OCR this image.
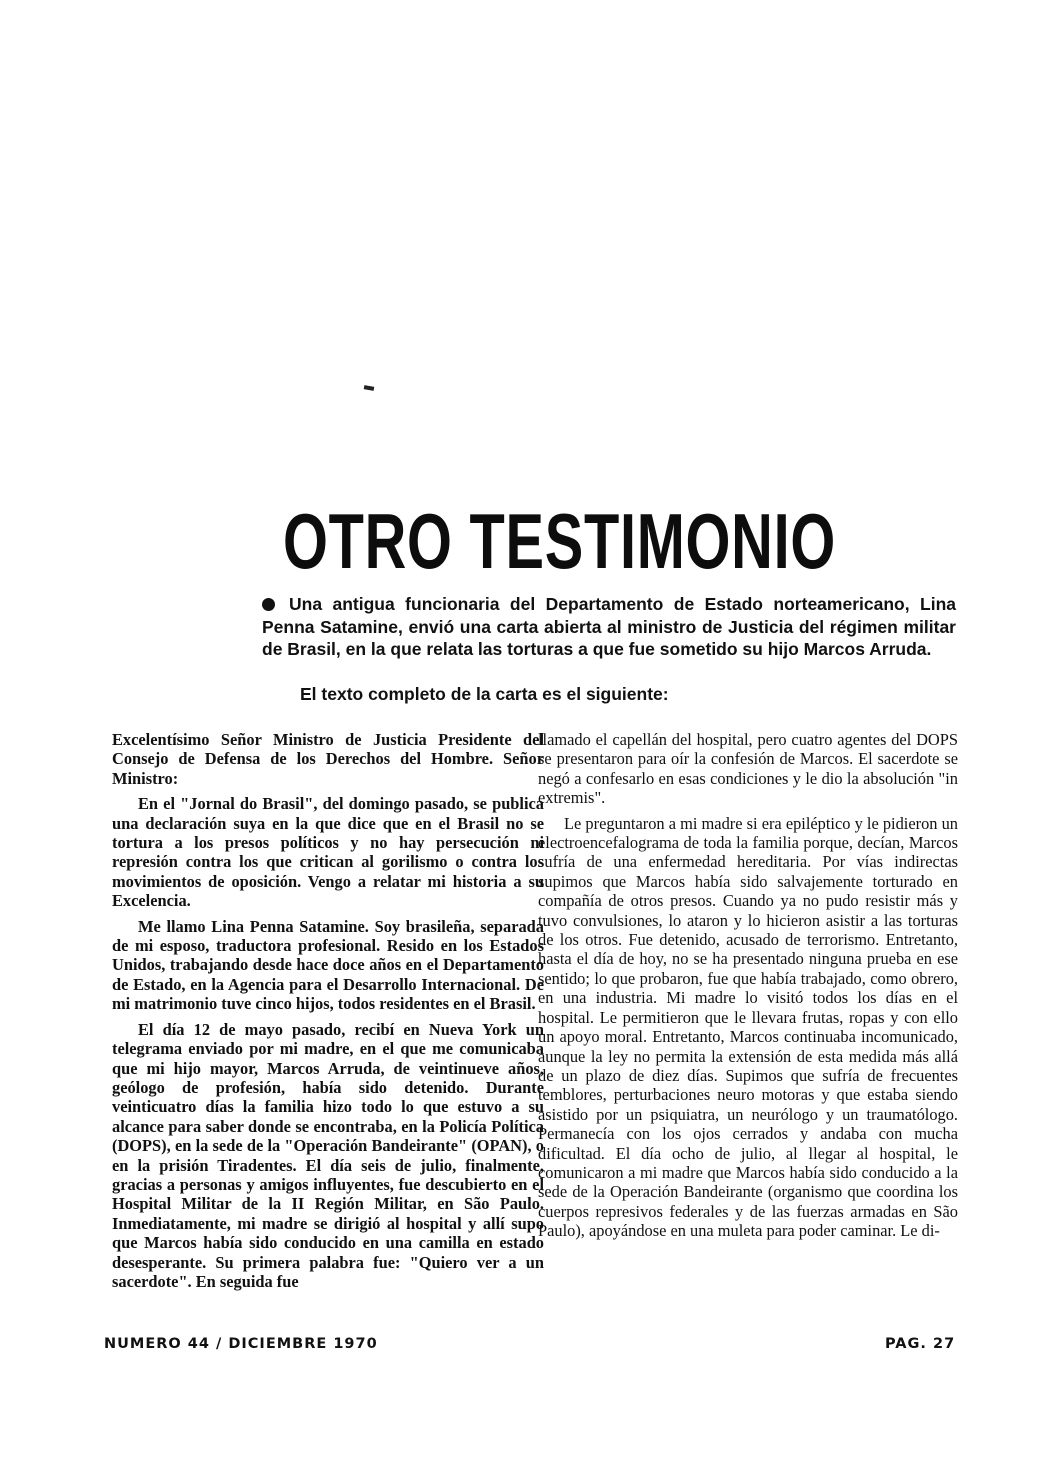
OTRO TESTIMONIO
Una antigua funcionaria del Departamento de Estado norteamericano, Lina Penna Satamine, envió una carta abierta al ministro de Justicia del régimen militar de Brasil, en la que relata las torturas a que fue sometido su hijo Marcos Arruda.
El texto completo de la carta es el siguiente:

Excelentísimo Señor Ministro de Justicia Presidente del Consejo de Defensa de los Derechos del Hombre. Señor Ministro:

En el "Jornal do Brasil", del domingo pasado, se publica una declaración suya en la que dice que en el Brasil no se tortura a los presos políticos y no hay persecución ni represión contra los que critican al gorilismo o contra los movimientos de oposición. Vengo a relatar mi historia a su Excelencia.

Me llamo Lina Penna Satamine. Soy brasileña, separada de mi esposo, traductora profesional. Resido en los Estados Unidos, trabajando desde hace doce años en el Departamento de Estado, en la Agencia para el Desarrollo Internacional. De mi matrimonio tuve cinco hijos, todos residentes en el Brasil.

El día 12 de mayo pasado, recibí en Nueva York un telegrama enviado por mi madre, en el que me comunicaba que mi hijo mayor, Marcos Arruda, de veintinueve años, geólogo de profesión, había sido detenido. Durante veinticuatro días la familia hizo todo lo que estuvo a su alcance para saber donde se encontraba, en la Policía Política (DOPS), en la sede de la "Operación Bandeirante" (OPAN), o en la prisión Tiradentes. El día seis de julio, finalmente, gracias a personas y amigos influyentes, fue descubierto en el Hospital Militar de la II Región Militar, en São Paulo. Inmediatamente, mi madre se dirigió al hospital y allí supo que Marcos había sido conducido en una camilla en estado desesperante. Su primera palabra fue: "Quiero ver a un sacerdote". En seguida fue

llamado el capellán del hospital, pero cuatro agentes del DOPS se presentaron para oír la confesión de Marcos. El sacerdote se negó a confesarlo en esas condiciones y le dio la absolución "in extremis".

Le preguntaron a mi madre si era epiléptico y le pidieron un electroencefalograma de toda la familia porque, decían, Marcos sufría de una enfermedad hereditaria. Por vías indirectas supimos que Marcos había sido salvajemente torturado en compañía de otros presos. Cuando ya no pudo resistir más y tuvo convulsiones, lo ataron y lo hicieron asistir a las torturas de los otros. Fue detenido, acusado de terrorismo. Entretanto, hasta el día de hoy, no se ha presentado ninguna prueba en ese sentido; lo que probaron, fue que había trabajado, como obrero, en una industria. Mi madre lo visitó todos los días en el hospital. Le permitieron que le llevara frutas, ropas y con ello un apoyo moral. Entretanto, Marcos continuaba incomunicado, aunque la ley no permita la extensión de esta medida más allá de un plazo de diez días. Supimos que sufría de frecuentes temblores, perturbaciones neuro motoras y que estaba siendo asistido por un psiquiatra, un neurólogo y un traumatólogo. Permanecía con los ojos cerrados y andaba con mucha dificultad. El día ocho de julio, al llegar al hospital, le comunicaron a mi madre que Marcos había sido conducido a la sede de la Operación Bandeirante (organismo que coordina los cuerpos represivos federales y de las fuerzas armadas en São Paulo), apoyándose en una muleta para poder caminar. Le di-

NUMERO 44 / DICIEMBRE 1970	PAG. 27
